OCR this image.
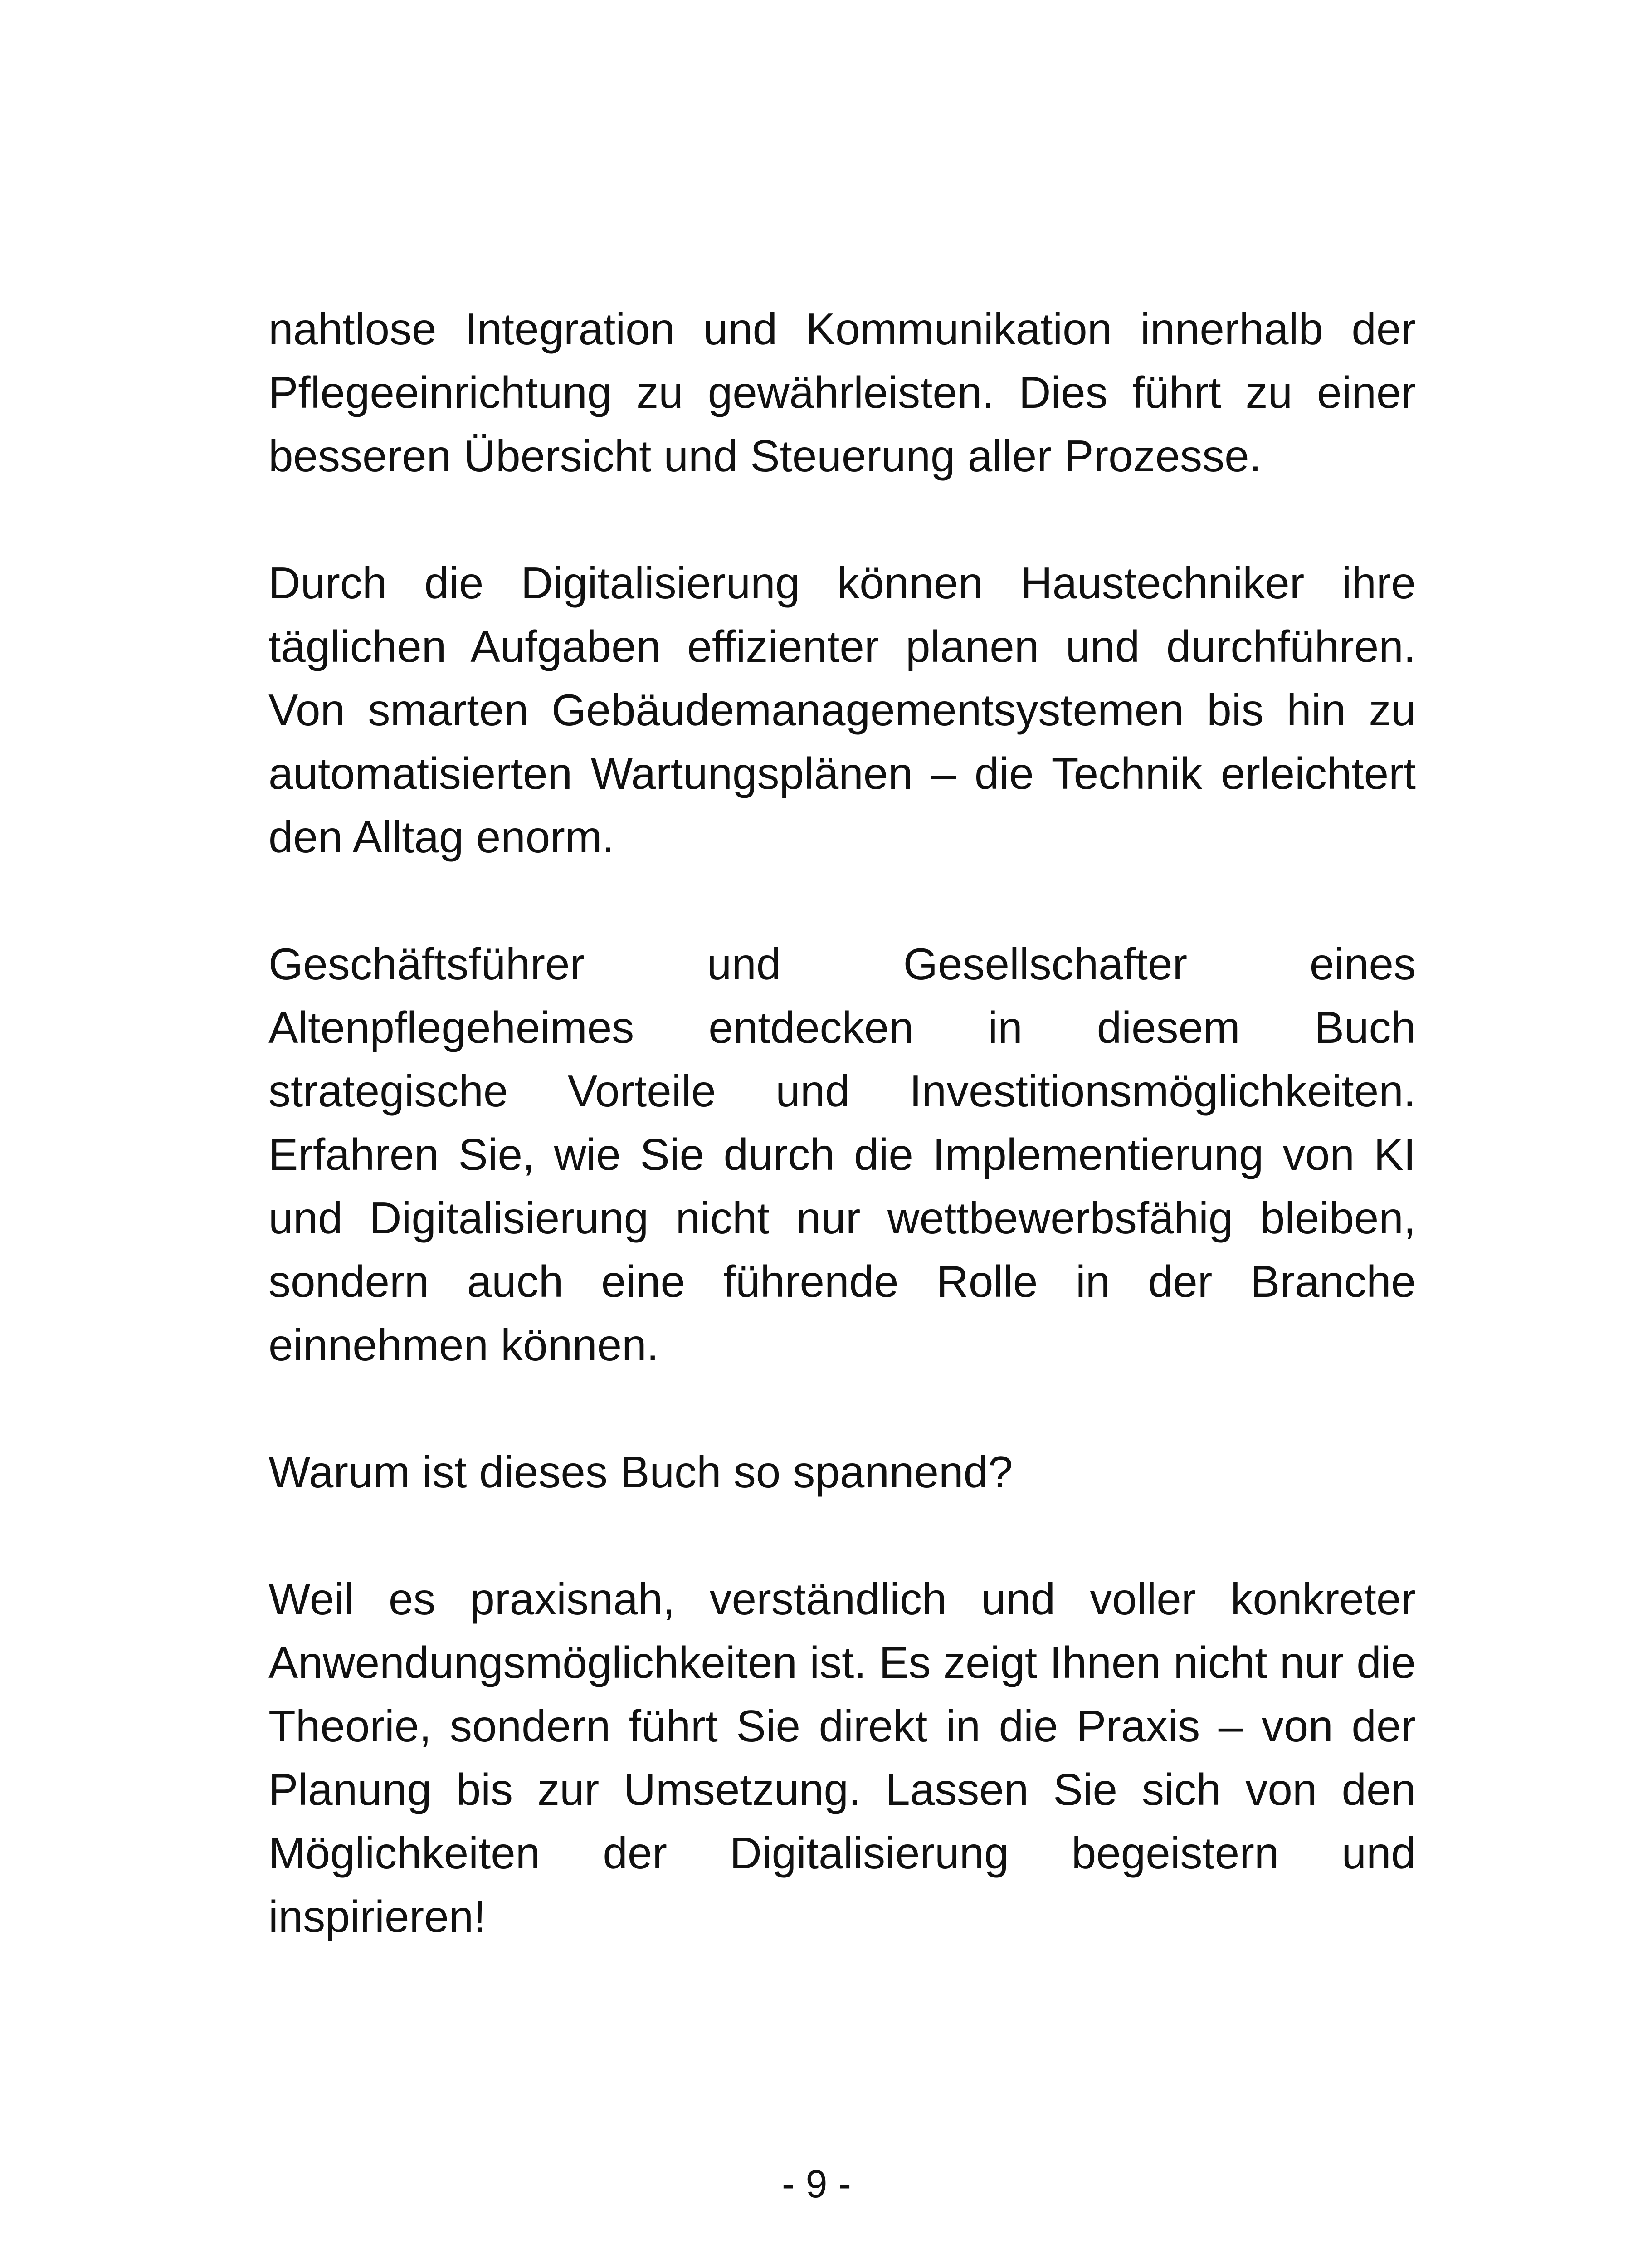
nahtlose Integration und Kommunikation innerhalb der Pflegeeinrichtung zu gewährleisten. Dies führt zu einer besseren Übersicht und Steuerung aller Prozesse.

Durch die Digitalisierung können Haustechniker ihre täglichen Aufgaben effizienter planen und durchführen. Von smarten Gebäudemanagementsystemen bis hin zu automatisierten Wartungsplänen – die Technik erleichtert den Alltag enorm.

Geschäftsführer und Gesellschafter eines Altenpflegeheimes entdecken in diesem Buch strategische Vorteile und Investitionsmöglichkeiten. Erfahren Sie, wie Sie durch die Implementierung von KI und Digitalisierung nicht nur wettbewerbsfähig bleiben, sondern auch eine führende Rolle in der Branche einnehmen können.

Warum ist dieses Buch so spannend?

Weil es praxisnah, verständlich und voller konkreter Anwendungsmöglichkeiten ist. Es zeigt Ihnen nicht nur die Theorie, sondern führt Sie direkt in die Praxis – von der Planung bis zur Umsetzung. Lassen Sie sich von den Möglichkeiten der Digitalisierung begeistern und inspirieren!

- 9 -
